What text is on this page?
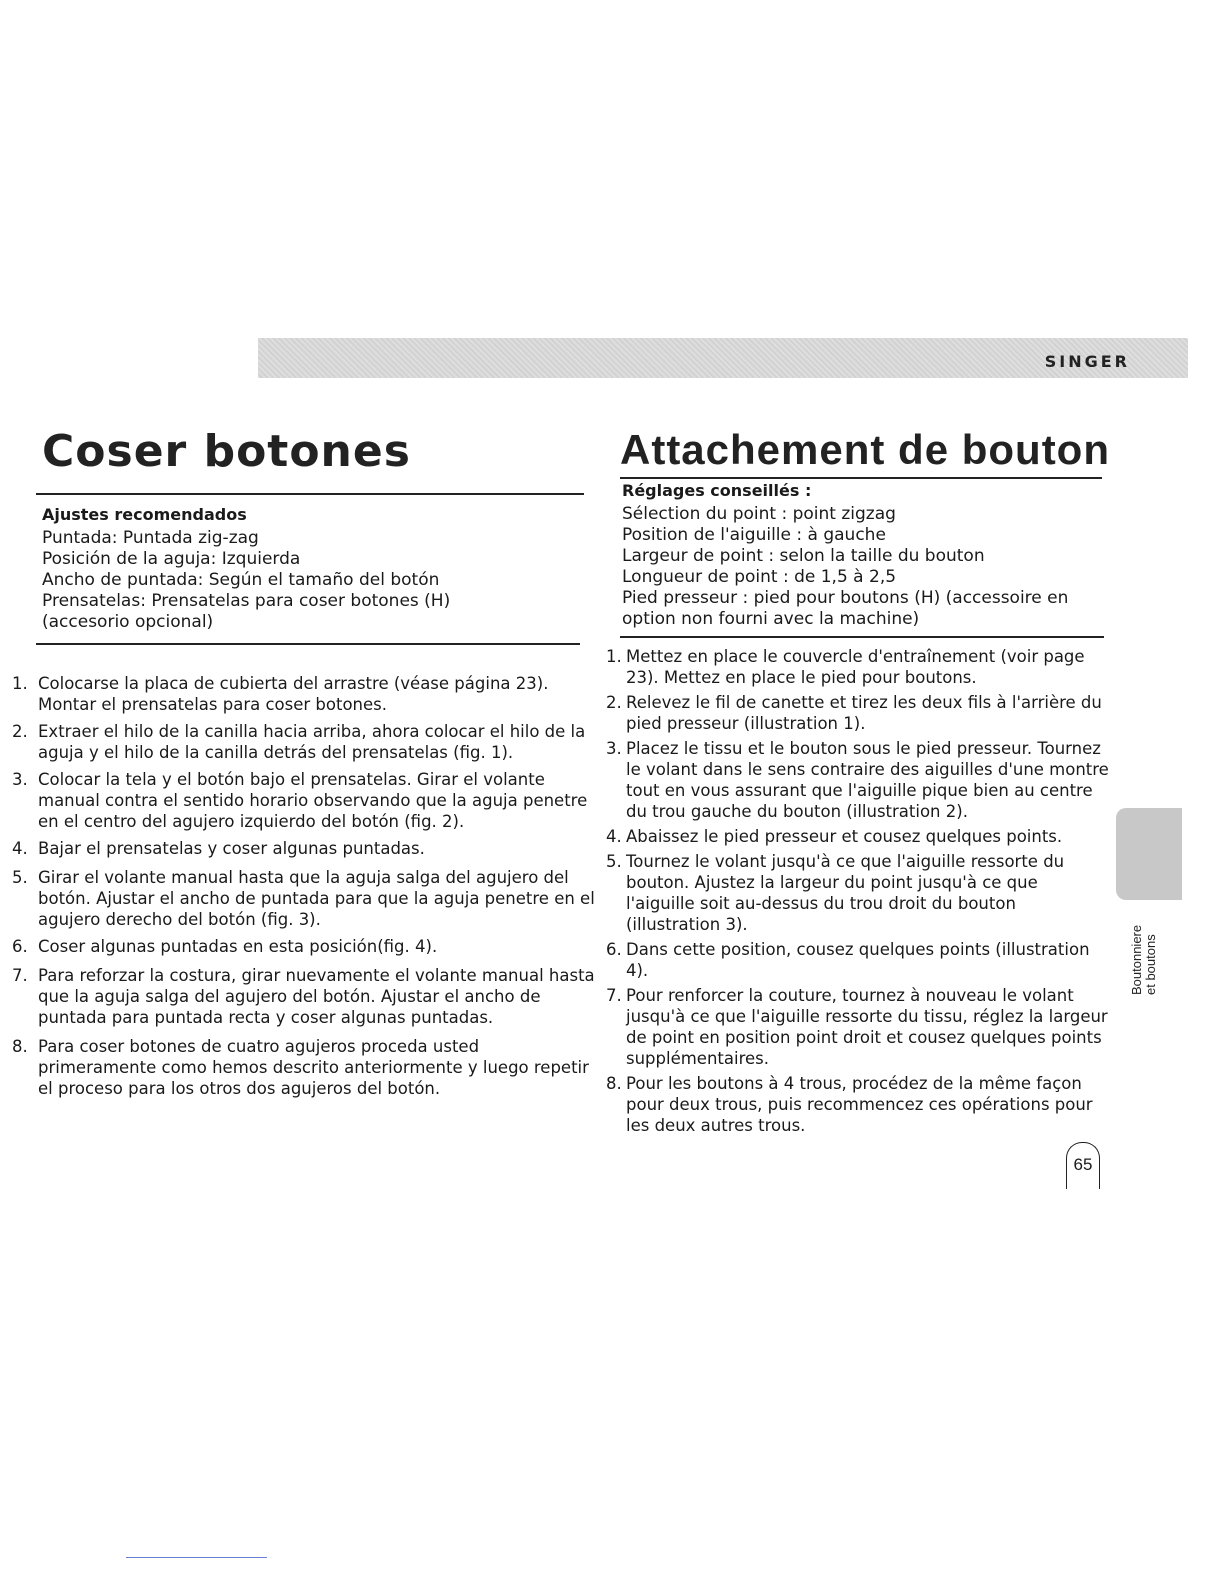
SINGER
Coser botones

Ajustes recomendados

Puntada: Puntada zig-zag

Posición de la aguja: Izquierda

Ancho de puntada: Según el tamaño del botón

Prensatelas: Prensatelas para coser botones (H)

(accesorio opcional)

1. Colocarse la placa de cubierta del arrastre (véase página 23). Montar el prensatelas para coser botones.
2. Extraer el hilo de la canilla hacia arriba, ahora colocar el hilo de la aguja y el hilo de la canilla detrás del prensatelas (fig. 1).
3. Colocar la tela y el botón bajo el prensatelas. Girar el volante manual contra el sentido horario observando que la aguja penetre en el centro del agujero izquierdo del botón (fig. 2).
4. Bajar el prensatelas y coser algunas puntadas.
5. Girar el volante manual hasta que la aguja salga del agujero del botón. Ajustar el ancho de puntada para que la aguja penetre en el agujero derecho del botón (fig. 3).
6. Coser algunas puntadas en esta posición(fig. 4).
7. Para reforzar la costura, girar nuevamente el volante manual hasta que la aguja salga del agujero del botón. Ajustar el ancho de puntada para puntada recta y coser algunas puntadas.
8. Para coser botones de cuatro agujeros proceda usted primeramente como hemos descrito anteriormente y luego repetir el proceso para los otros dos agujeros del botón.
Attachement de bouton

Réglages conseillés :

Sélection du point : point zigzag

Position de l'aiguille : à gauche

Largeur de point : selon la taille du bouton

Longueur de point : de 1,5 à 2,5

Pied presseur : pied pour boutons (H) (accessoire en

option non fourni avec la machine)

1. Mettez en place le couvercle d'entraînement (voir page 23). Mettez en place le pied pour boutons.
2. Relevez le fil de canette et tirez les deux fils à l'arrière du pied presseur (illustration 1).
3. Placez le tissu et le bouton sous le pied presseur. Tournez le volant dans le sens contraire des aiguilles d'une montre tout en vous assurant que l'aiguille pique bien au centre du trou gauche du bouton (illustration 2).
4. Abaissez le pied presseur et cousez quelques points.
5. Tournez le volant jusqu'à ce que l'aiguille ressorte du bouton. Ajustez la largeur du point jusqu'à ce que l'aiguille soit au-dessus du trou droit du bouton (illustration 3).
6. Dans cette position, cousez quelques points (illustration 4).
7. Pour renforcer la couture, tournez à nouveau le volant jusqu'à ce que l'aiguille ressorte du tissu, réglez la largeur de point en position point droit et cousez quelques points supplémentaires.
8. Pour les boutons à 4 trous, procédez de la même façon pour deux trous, puis recommencez ces opérations pour les deux autres trous.
Boutonniere et boutons
65
